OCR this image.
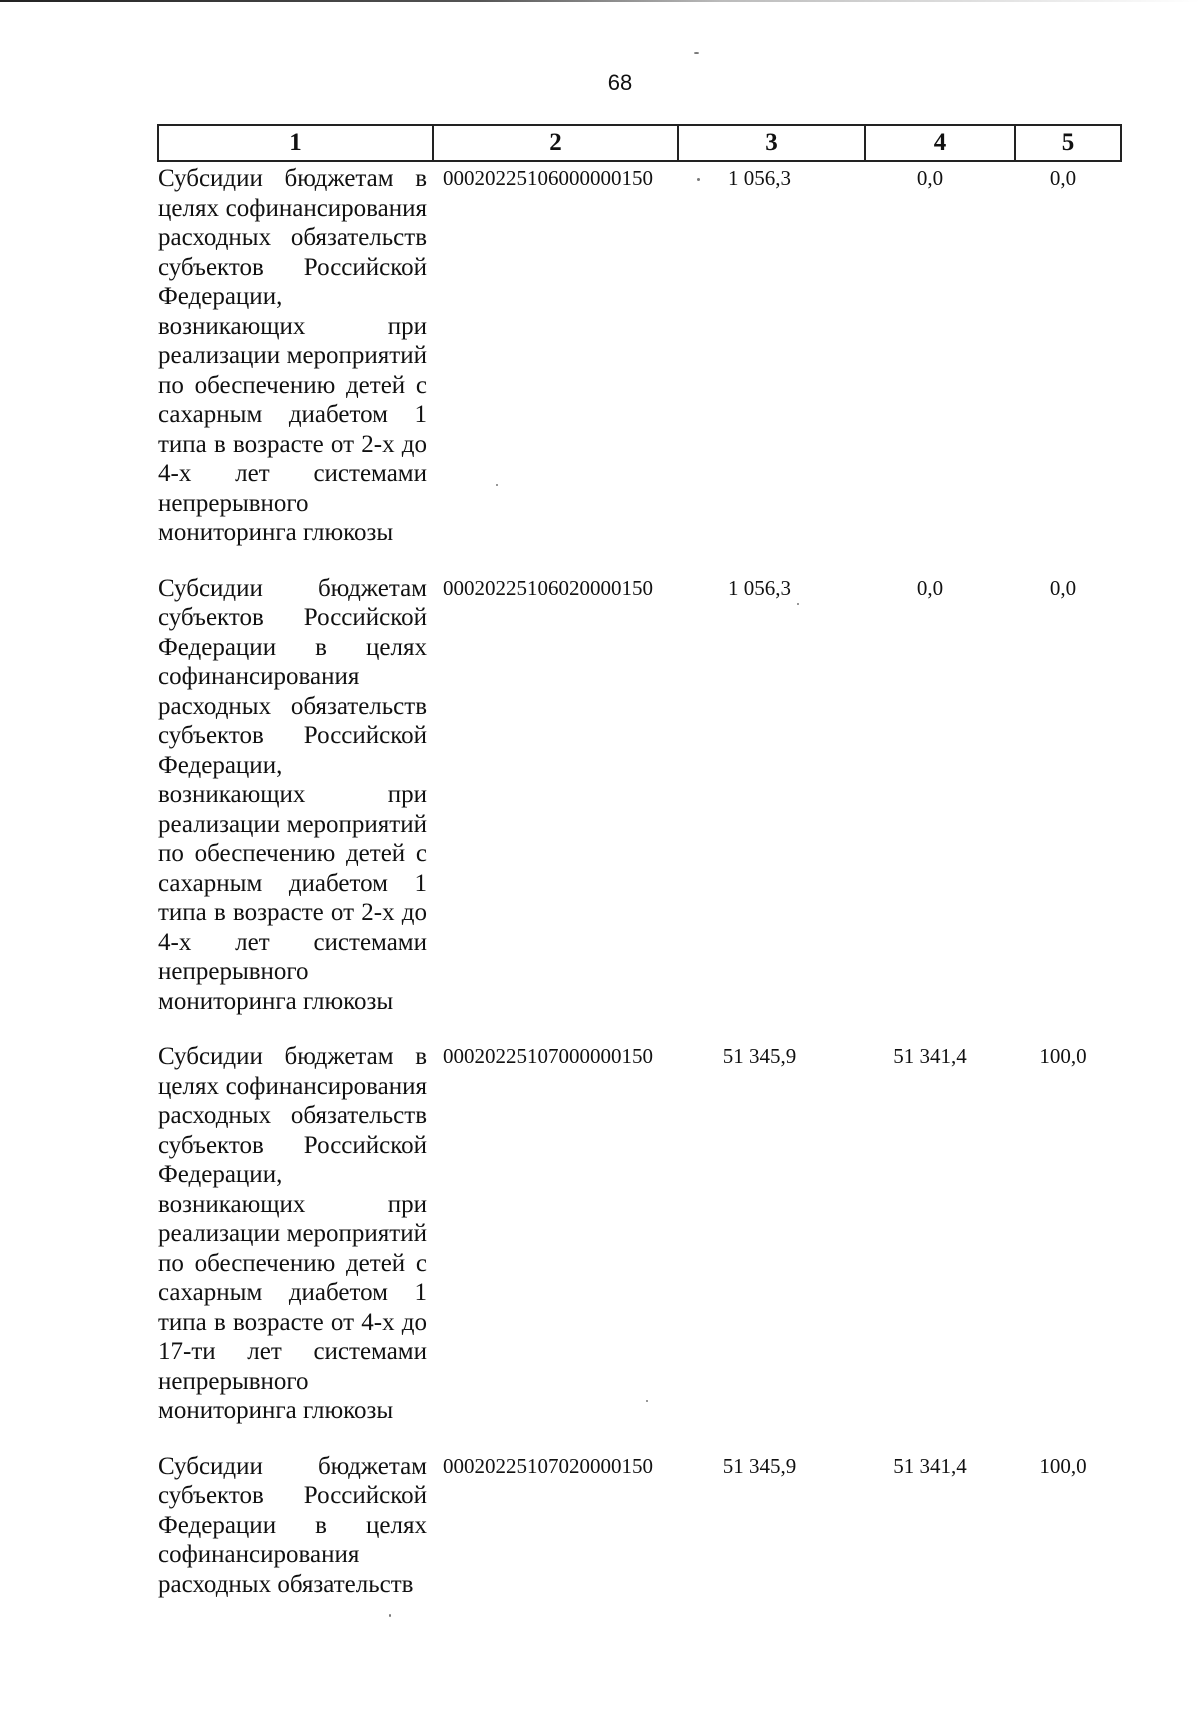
68
1	2	3	4	5
Субсидии бюджетам в целях софинансирования расходных обязательств субъектов Российской Федерации, возникающих при реализации мероприятий по обеспечению детей с сахарным диабетом 1 типа в возрасте от 2-х до 4-х лет системами непрерывного мониторинга глюкозы	00020225106000000150	1 056,3	0,0	0,0
Субсидии бюджетам субъектов Российской Федерации в целях софинансирования расходных обязательств субъектов Российской Федерации, возникающих при реализации мероприятий по обеспечению детей с сахарным диабетом 1 типа в возрасте от 2-х до 4-х лет системами непрерывного мониторинга глюкозы	00020225106020000150	1 056,3	0,0	0,0
Субсидии бюджетам в целях софинансирования расходных обязательств субъектов Российской Федерации, возникающих при реализации мероприятий по обеспечению детей с сахарным диабетом 1 типа в возрасте от 4-х до 17-ти лет системами непрерывного мониторинга глюкозы	00020225107000000150	51 345,9	51 341,4	100,0
Субсидии бюджетам субъектов Российской Федерации в целях софинансирования расходных обязательств	00020225107020000150	51 345,9	51 341,4	100,0
